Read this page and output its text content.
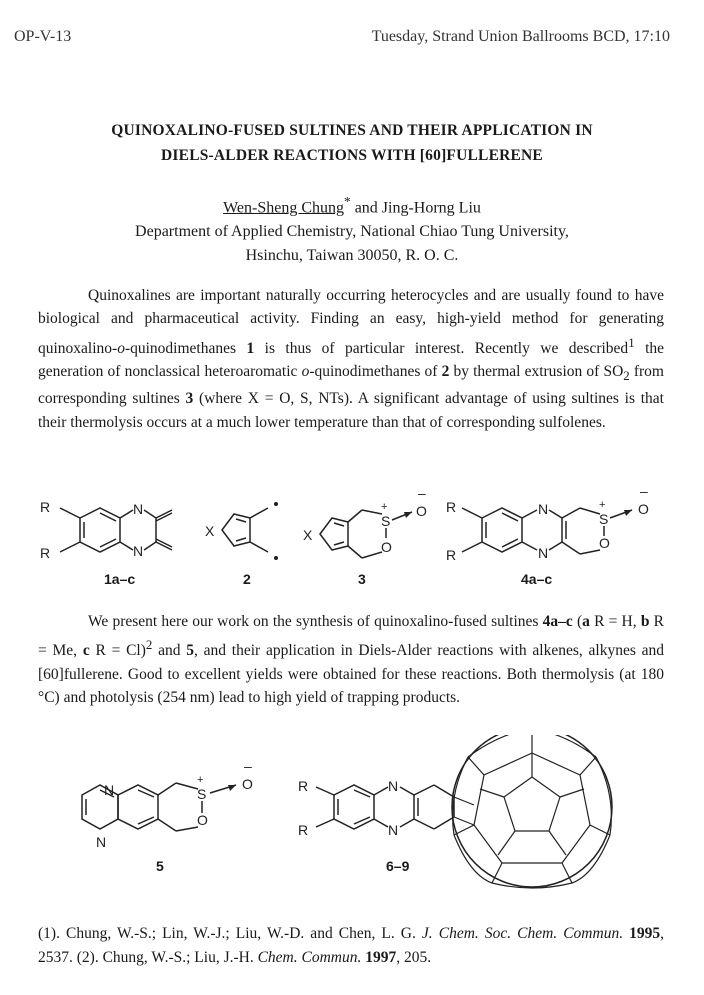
OP-V-13	Tuesday, Strand Union Ballrooms BCD, 17:10
QUINOXALINO-FUSED SULTINES AND THEIR APPLICATION IN
DIELS-ALDER REACTIONS WITH [60]FULLERENE
Wen-Sheng Chung* and Jing-Horng Liu
Department of Applied Chemistry, National Chiao Tung University,
Hsinchu, Taiwan 30050, R. O. C.
Quinoxalines are important naturally occurring heterocycles and are usually found to have biological and pharmaceutical activity. Finding an easy, high-yield method for generating quinoxalino-o-quinodimethanes 1 is thus of particular interest. Recently we described$^1$ the generation of nonclassical heteroaromatic o-quinodimethanes of 2 by thermal extrusion of $SO_2$ from corresponding sultines 3 (where X = O, S, NTs). A significant advantage of using sultines is that their thermolysis occurs at a much lower temperature than that of corresponding sulfolenes.
R
R
N
N
X	X
S
+
O
O
–
R
R
N
N
S
+
O
O
–
1a–c	2	3	4a–c
We present here our work on the synthesis of quinoxalino-fused sultines 4a–c (a R = H, b R = Me, c R = Cl)$^2$ and 5, and their application in Diels-Alder reactions with alkenes, alkynes and [60]fullerene. Good to excellent yields were obtained for these reactions. Both thermolysis (at 180 °C) and photolysis (254 nm) lead to high yield of trapping products.
N
N
S
+
O
O
–
R
R
N
N
5	6–9
(1). Chung, W.-S.; Lin, W.-J.; Liu, W.-D. and Chen, L. G. J. Chem. Soc. Chem. Commun. 1995, 2537. (2). Chung, W.-S.; Liu, J.-H. Chem. Commun. 1997, 205.
